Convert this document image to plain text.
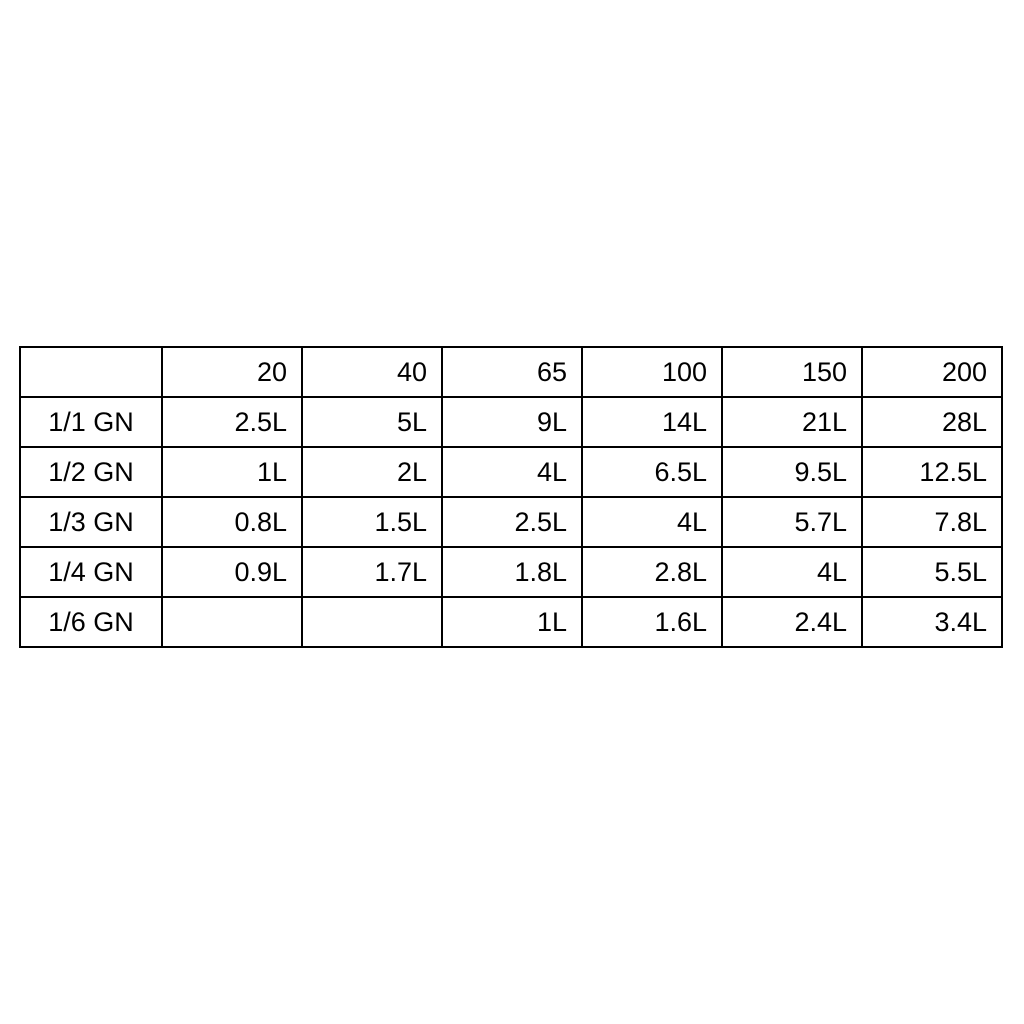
	20	40	65	100	150	200
1/1 GN	2.5L	5L	9L	14L	21L	28L
1/2 GN	1L	2L	4L	6.5L	9.5L	12.5L
1/3 GN	0.8L	1.5L	2.5L	4L	5.7L	7.8L
1/4 GN	0.9L	1.7L	1.8L	2.8L	4L	5.5L
1/6 GN			1L	1.6L	2.4L	3.4L
